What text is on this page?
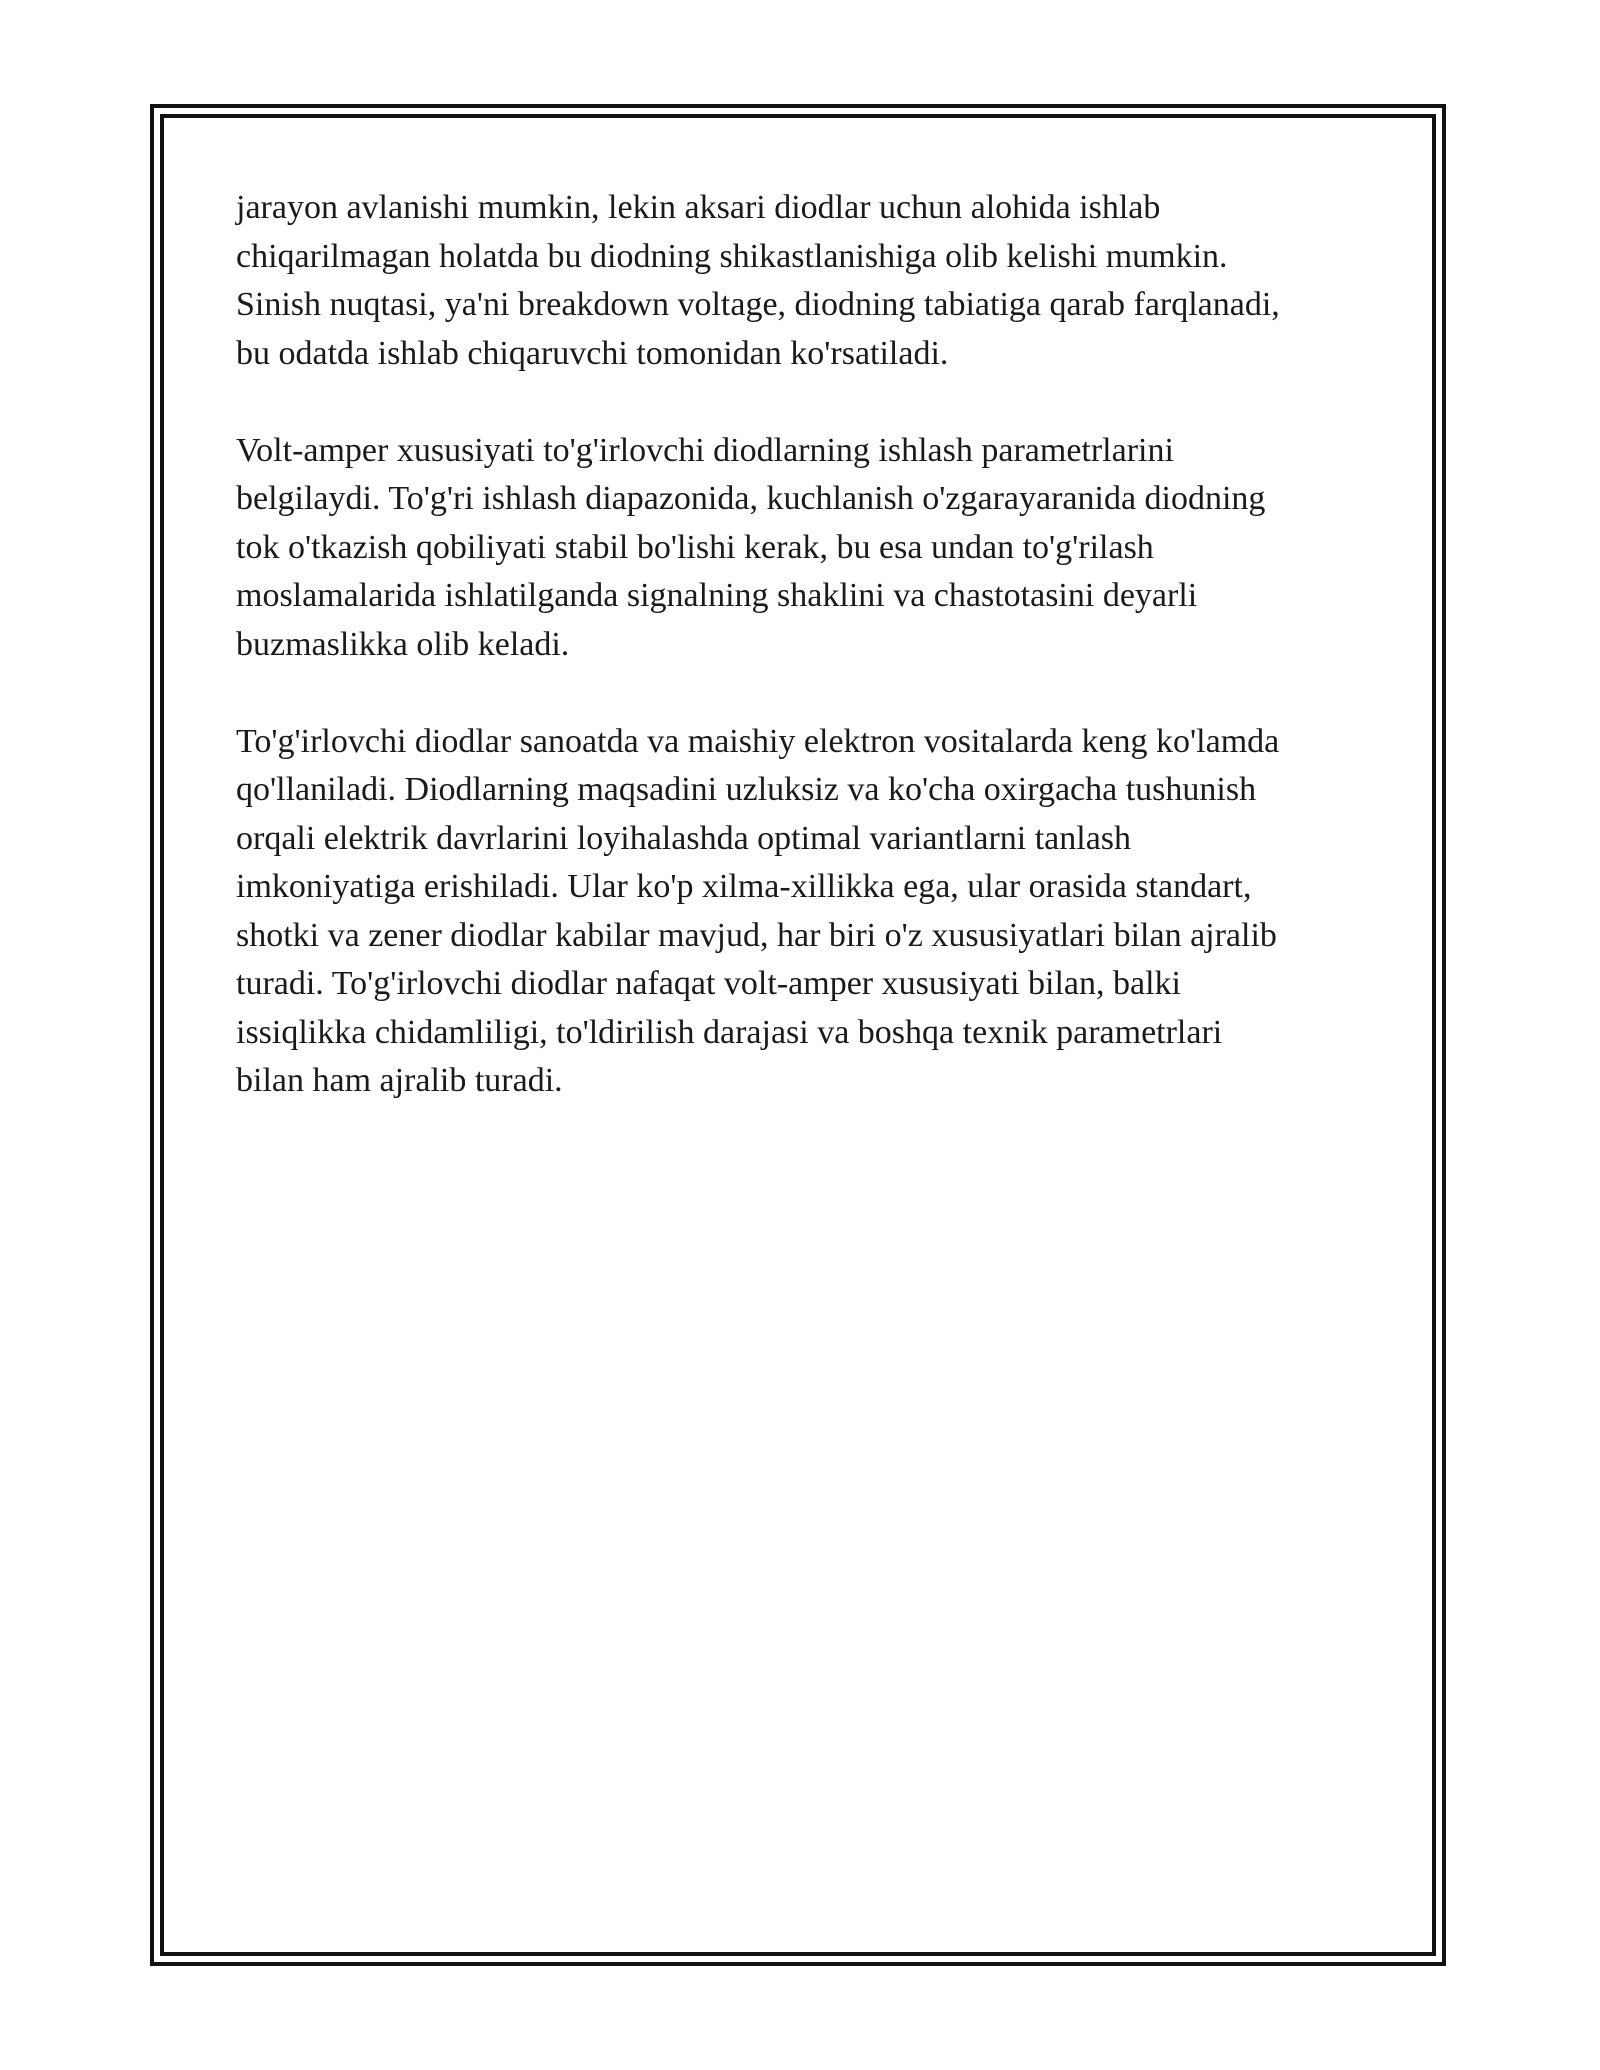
jarayon avlanishi mumkin, lekin aksari diodlar uchun alohida ishlab
chiqarilmagan holatda bu diodning shikastlanishiga olib kelishi mumkin.
Sinish nuqtasi, ya'ni breakdown voltage, diodning tabiatiga qarab farqlanadi,
bu odatda ishlab chiqaruvchi tomonidan ko'rsatiladi.

Volt-amper xususiyati to'g'irlovchi diodlarning ishlash parametrlarini
belgilaydi. To'g'ri ishlash diapazonida, kuchlanish o'zgarayaranida diodning
tok o'tkazish qobiliyati stabil bo'lishi kerak, bu esa undan to'g'rilash
moslamalarida ishlatilganda signalning shaklini va chastotasini deyarli
buzmaslikka olib keladi.

To'g'irlovchi diodlar sanoatda va maishiy elektron vositalarda keng ko'lamda
qo'llaniladi. Diodlarning maqsadini uzluksiz va ko'cha oxirgacha tushunish
orqali elektrik davrlarini loyihalashda optimal variantlarni tanlash
imkoniyatiga erishiladi. Ular ko'p xilma-xillikka ega, ular orasida standart,
shotki va zener diodlar kabilar mavjud, har biri o'z xususiyatlari bilan ajralib
turadi. To'g'irlovchi diodlar nafaqat volt-amper xususiyati bilan, balki
issiqlikka chidamliligi, to'ldirilish darajasi va boshqa texnik parametrlari
bilan ham ajralib turadi.
